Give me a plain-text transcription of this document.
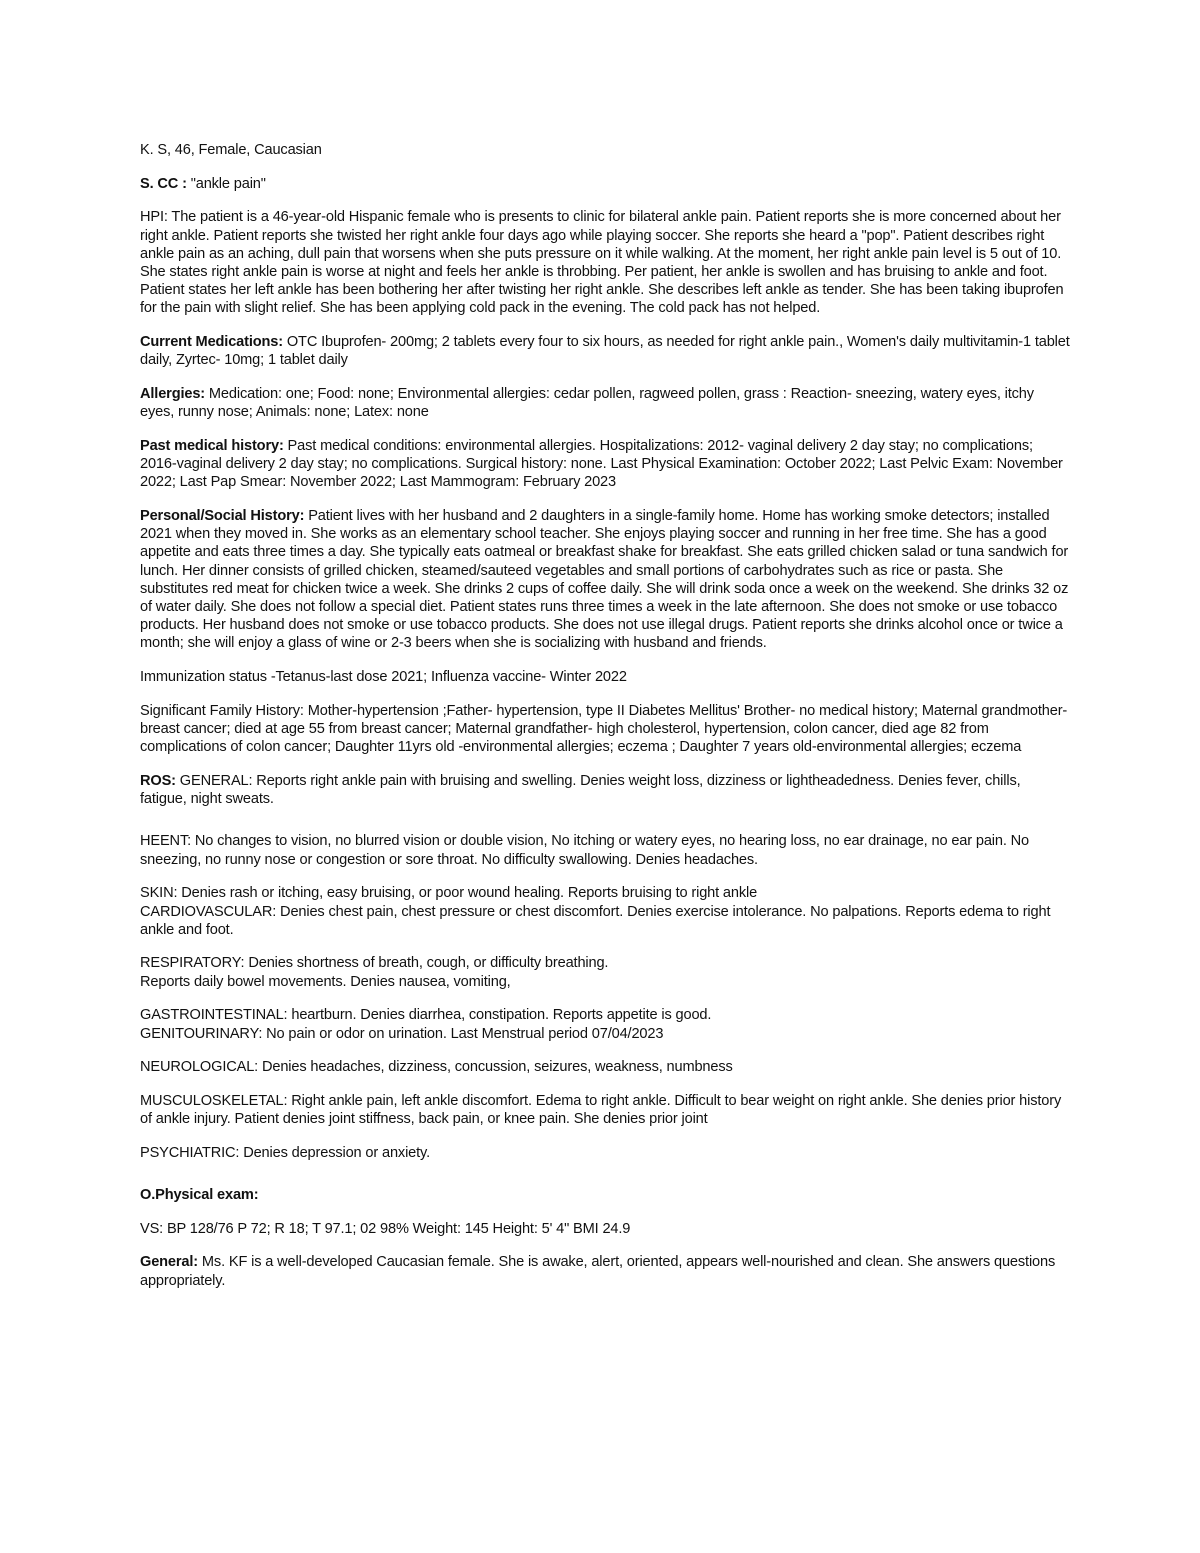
K. S, 46, Female, Caucasian

S. CC : "ankle pain"

HPI: The patient is a 46-year-old Hispanic female who is presents to clinic for bilateral ankle pain. Patient reports she is more concerned about her right ankle. Patient reports she twisted her right ankle four days ago while playing soccer. She reports she heard a "pop". Patient describes right ankle pain as an aching, dull pain that worsens when she puts pressure on it while walking. At the moment, her right ankle pain level is 5 out of 10. She states right ankle pain is worse at night and feels her ankle is throbbing. Per patient, her ankle is swollen and has bruising to ankle and foot. Patient states her left ankle has been bothering her after twisting her right ankle. She describes left ankle as tender. She has been taking ibuprofen for the pain with slight relief. She has been applying cold pack in the evening. The cold pack has not helped.

Current Medications: OTC Ibuprofen- 200mg; 2 tablets every four to six hours, as needed for right ankle pain., Women's daily multivitamin-1 tablet daily, Zyrtec- 10mg; 1 tablet daily

Allergies: Medication: one; Food: none; Environmental allergies: cedar pollen, ragweed pollen, grass : Reaction- sneezing, watery eyes, itchy eyes, runny nose; Animals: none; Latex: none

Past medical history: Past medical conditions: environmental allergies. Hospitalizations: 2012- vaginal delivery 2 day stay; no complications; 2016-vaginal delivery 2 day stay; no complications. Surgical history: none. Last Physical Examination: October 2022; Last Pelvic Exam: November 2022; Last Pap Smear: November 2022; Last Mammogram: February 2023

Personal/Social History: Patient lives with her husband and 2 daughters in a single-family home. Home has working smoke detectors; installed 2021 when they moved in. She works as an elementary school teacher. She enjoys playing soccer and running in her free time. She has a good appetite and eats three times a day. She typically eats oatmeal or breakfast shake for breakfast. She eats grilled chicken salad or tuna sandwich for lunch. Her dinner consists of grilled chicken, steamed/sauteed vegetables and small portions of carbohydrates such as rice or pasta. She substitutes red meat for chicken twice a week. She drinks 2 cups of coffee daily. She will drink soda once a week on the weekend. She drinks 32 oz of water daily. She does not follow a special diet. Patient states runs three times a week in the late afternoon. She does not smoke or use tobacco products. Her husband does not smoke or use tobacco products. She does not use illegal drugs. Patient reports she drinks alcohol once or twice a month; she will enjoy a glass of wine or 2-3 beers when she is socializing with husband and friends.

Immunization status -Tetanus-last dose 2021; Influenza vaccine- Winter 2022

Significant Family History: Mother-hypertension ;Father- hypertension, type II Diabetes Mellitus' Brother- no medical history; Maternal grandmother- breast cancer; died at age 55 from breast cancer; Maternal grandfather- high cholesterol, hypertension, colon cancer, died age 82 from complications of colon cancer; Daughter 11yrs old -environmental allergies; eczema ; Daughter 7 years old-environmental allergies; eczema

ROS: GENERAL: Reports right ankle pain with bruising and swelling. Denies weight loss, dizziness or lightheadedness. Denies fever, chills, fatigue, night sweats.

HEENT: No changes to vision, no blurred vision or double vision, No itching or watery eyes, no hearing loss, no ear drainage, no ear pain. No sneezing, no runny nose or congestion or sore throat. No difficulty swallowing. Denies headaches.

SKIN: Denies rash or itching, easy bruising, or poor wound healing. Reports bruising to right ankle
CARDIOVASCULAR: Denies chest pain, chest pressure or chest discomfort. Denies exercise intolerance. No palpations. Reports edema to right ankle and foot.

RESPIRATORY: Denies shortness of breath, cough, or difficulty breathing.
Reports daily bowel movements. Denies nausea, vomiting,

GASTROINTESTINAL: heartburn. Denies diarrhea, constipation. Reports appetite is good.
GENITOURINARY: No pain or odor on urination. Last Menstrual period 07/04/2023

NEUROLOGICAL: Denies headaches, dizziness, concussion, seizures, weakness, numbness

MUSCULOSKELETAL: Right ankle pain, left ankle discomfort. Edema to right ankle. Difficult to bear weight on right ankle. She denies prior history of ankle injury. Patient denies joint stiffness, back pain, or knee pain. She denies prior joint

PSYCHIATRIC: Denies depression or anxiety.

O.Physical exam:

VS: BP 128/76 P 72; R 18; T 97.1; 02 98% Weight: 145 Height: 5' 4" BMI 24.9

General: Ms. KF is a well-developed Caucasian female. She is awake, alert, oriented, appears well-nourished and clean. She answers questions appropriately.
